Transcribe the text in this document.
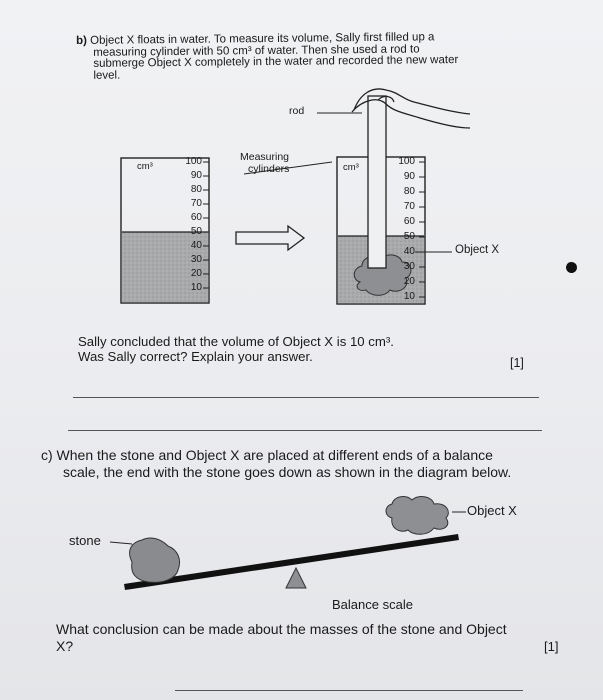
b) Object X floats in water. To measure its volume, Sally first filled up a
measuring cylinder with 50 cm³ of water. Then she used a rod to
submerge Object X completely in the water and recorded the new water
level.
rod
Measuring
cylinders
cm³	cm³
Object X
100
90
80
70
60
50
40
30
20
10
100
90
80
70
60
50
40
30
20
10
Sally concluded that the volume of Object X is 10 cm³.
Was Sally correct? Explain your answer.	[1]
c) When the stone and Object X are placed at different ends of a balance
scale, the end with the stone goes down as shown in the diagram below.
Object X
stone
Balance scale
What conclusion can be made about the masses of the stone and Object
X?	[1]
